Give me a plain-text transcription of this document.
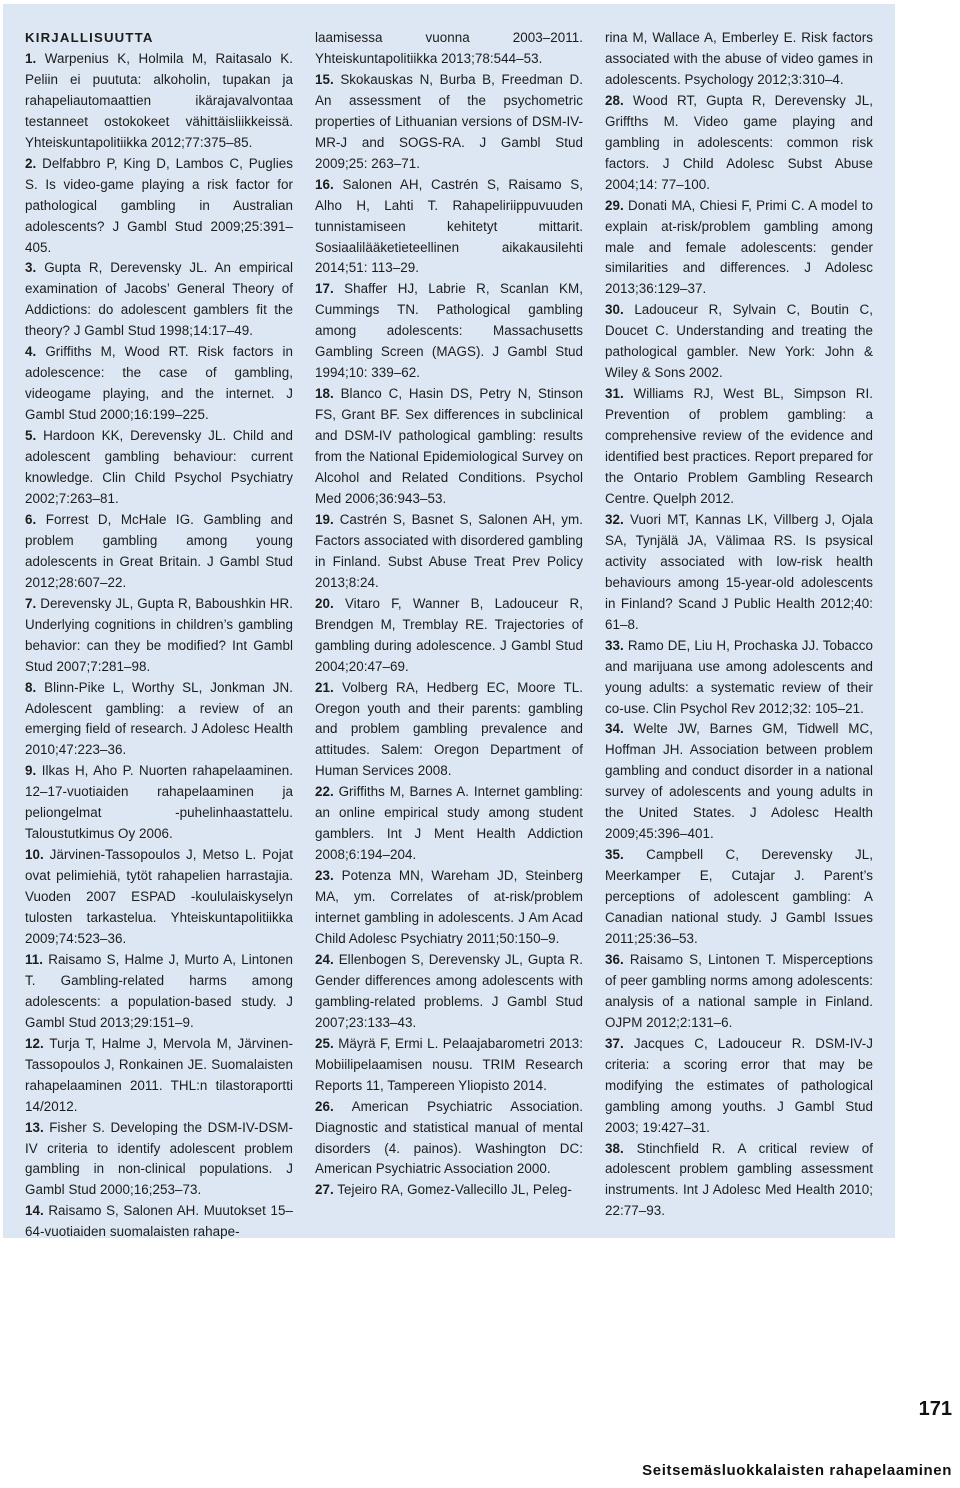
KIRJALLISUUTTA

1. Warpenius K, Holmila M, Raitasalo K. Peliin ei puututa: alkoholin, tupakan ja rahapeliautomaattien ikärajavalvontaa testanneet ostokokeet vähittäisliikkeissä. Yhteiskuntapolitiikka 2012;77:375–85.

2. Delfabbro P, King D, Lambos C, Puglies S. Is video-game playing a risk factor for pathological gambling in Australian adolescents? J Gambl Stud 2009;25:391–405.

3. Gupta R, Derevensky JL. An empirical examination of Jacobs’ General Theory of Addictions: do adolescent gamblers fit the theory? J Gambl Stud 1998;14:17–49.

4. Griffiths M, Wood RT. Risk factors in adolescence: the case of gambling, videogame playing, and the internet. J Gambl Stud 2000;16:199–225.

5. Hardoon KK, Derevensky JL. Child and adolescent gambling behaviour: current knowledge. Clin Child Psychol Psychiatry 2002;7:263–81.

6. Forrest D, McHale IG. Gambling and problem gambling among young adolescents in Great Britain. J Gambl Stud 2012;28:607–22.

7. Derevensky JL, Gupta R, Baboushkin HR. Underlying cognitions in children’s gambling behavior: can they be modified? Int Gambl Stud 2007;7:281–98.

8. Blinn-Pike L, Worthy SL, Jonkman JN. Adolescent gambling: a review of an emerging field of research. J Adolesc Health 2010;47:223–36.

9. Ilkas H, Aho P. Nuorten rahapelaaminen. 12–17-vuotiaiden rahapelaaminen ja peliongelmat -puhelinhaastattelu. Taloustutkimus Oy 2006.

10. Järvinen-Tassopoulos J, Metso L. Pojat ovat pelimiehiä, tytöt rahapelien harrastajia. Vuoden 2007 ESPAD -koululaiskyselyn tulosten tarkastelua. Yhteiskuntapolitiikka 2009;74:523–36.

11. Raisamo S, Halme J, Murto A, Lintonen T. Gambling-related harms among adolescents: a population-based study. J Gambl Stud 2013;29:151–9.

12. Turja T, Halme J, Mervola M, Järvinen-Tassopoulos J, Ronkainen JE. Suomalaisten rahapelaaminen 2011. THL:n tilastoraportti 14/2012.

13. Fisher S. Developing the DSM-IV-DSM-IV criteria to identify adolescent problem gambling in non-clinical populations. J Gambl Stud 2000;16;253–73.

14. Raisamo S, Salonen AH. Muutokset 15–64-vuotiaiden suomalaisten rahape-

laamisessa vuonna 2003–2011. Yhteiskuntapolitiikka 2013;78:544–53.

15. Skokauskas N, Burba B, Freedman D. An assessment of the psychometric properties of Lithuanian versions of DSM-IV-MR-J and SOGS-RA. J Gambl Stud 2009;25: 263–71.

16. Salonen AH, Castrén S, Raisamo S, Alho H, Lahti T. Rahapeliriippuvuuden tunnistamiseen kehitetyt mittarit. Sosiaalilääketieteellinen aikakausilehti 2014;51: 113–29.

17. Shaffer HJ, Labrie R, Scanlan KM, Cummings TN. Pathological gambling among adolescents: Massachusetts Gambling Screen (MAGS). J Gambl Stud 1994;10: 339–62.

18. Blanco C, Hasin DS, Petry N, Stinson FS, Grant BF. Sex differences in subclinical and DSM-IV pathological gambling: results from the National Epidemiological Survey on Alcohol and Related Conditions. Psychol Med 2006;36:943–53.

19. Castrén S, Basnet S, Salonen AH, ym. Factors associated with disordered gambling in Finland. Subst Abuse Treat Prev Policy 2013;8:24.

20. Vitaro F, Wanner B, Ladouceur R, Brendgen M, Tremblay RE. Trajectories of gambling during adolescence. J Gambl Stud 2004;20:47–69.

21. Volberg RA, Hedberg EC, Moore TL. Oregon youth and their parents: gambling and problem gambling prevalence and attitudes. Salem: Oregon Department of Human Services 2008.

22. Griffiths M, Barnes A. Internet gambling: an online empirical study among student gamblers. Int J Ment Health Addiction 2008;6:194–204.

23. Potenza MN, Wareham JD, Steinberg MA, ym. Correlates of at-risk/problem internet gambling in adolescents. J Am Acad Child Adolesc Psychiatry 2011;50:150–9.

24. Ellenbogen S, Derevensky JL, Gupta R. Gender differences among adolescents with gambling-related problems. J Gambl Stud 2007;23:133–43.

25. Mäyrä F, Ermi L. Pelaajabarometri 2013: Mobiilipelaamisen nousu. TRIM Research Reports 11, Tampereen Yliopisto 2014.

26. American Psychiatric Association. Diagnostic and statistical manual of mental disorders (4. painos). Washington DC: American Psychiatric Association 2000.

27. Tejeiro RA, Gomez-Vallecillo JL, Peleg-

rina M, Wallace A, Emberley E. Risk factors associated with the abuse of video games in adolescents. Psychology 2012;3:310–4.

28. Wood RT, Gupta R, Derevensky JL, Griffths M. Video game playing and gambling in adolescents: common risk factors. J Child Adolesc Subst Abuse 2004;14: 77–100.

29. Donati MA, Chiesi F, Primi C. A model to explain at-risk/problem gambling among male and female adolescents: gender similarities and differences. J Adolesc 2013;36:129–37.

30. Ladouceur R, Sylvain C, Boutin C, Doucet C. Understanding and treating the pathological gambler. New York: John & Wiley & Sons 2002.

31. Williams RJ, West BL, Simpson RI. Prevention of problem gambling: a comprehensive review of the evidence and identified best practices. Report prepared for the Ontario Problem Gambling Research Centre. Quelph 2012.

32. Vuori MT, Kannas LK, Villberg J, Ojala SA, Tynjälä JA, Välimaa RS. Is psysical activity associated with low-risk health behaviours among 15-year-old adolescents in Finland? Scand J Public Health 2012;40: 61–8.

33. Ramo DE, Liu H, Prochaska JJ. Tobacco and marijuana use among adolescents and young adults: a systematic review of their co-use. Clin Psychol Rev 2012;32: 105–21.

34. Welte JW, Barnes GM, Tidwell MC, Hoffman JH. Association between problem gambling and conduct disorder in a national survey of adolescents and young adults in the United States. J Adolesc Health 2009;45:396–401.

35. Campbell C, Derevensky JL, Meerkamper E, Cutajar J. Parent’s perceptions of adolescent gambling: A Canadian national study. J Gambl Issues 2011;25:36–53.

36. Raisamo S, Lintonen T. Misperceptions of peer gambling norms among adolescents: analysis of a national sample in Finland. OJPM 2012;2:131–6.

37. Jacques C, Ladouceur R. DSM-IV-J criteria: a scoring error that may be modifying the estimates of pathological gambling among youths. J Gambl Stud 2003; 19:427–31.

38. Stinchfield R. A critical review of adolescent problem gambling assessment instruments. Int J Adolesc Med Health 2010; 22:77–93.

171
Seitsemäsluokkalaisten rahapelaaminen
